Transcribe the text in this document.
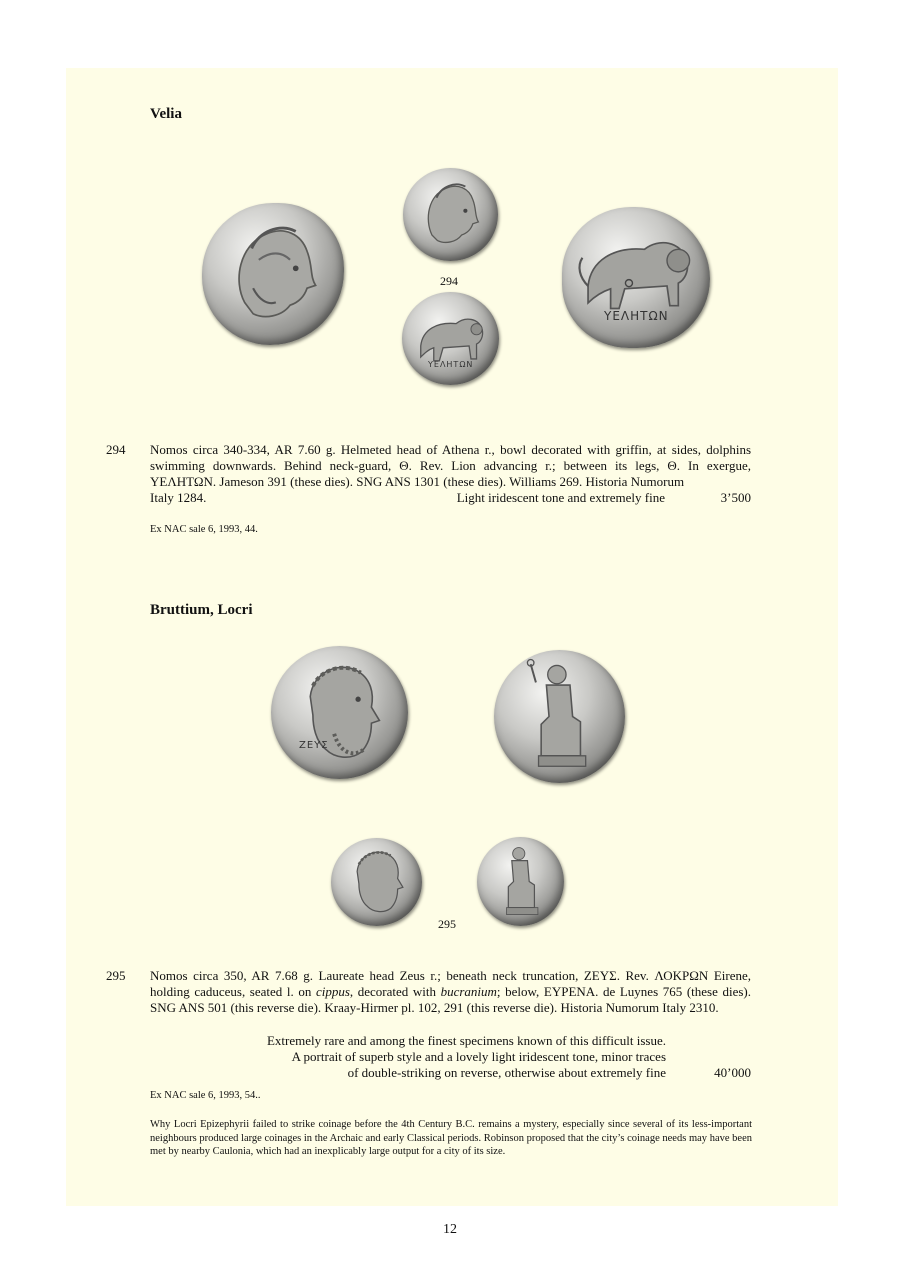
Velia
294
ΥΕΛΗΤΩΝ
ΥΕΛΗΤΩΝ
294 Nomos circa 340-334, AR 7.60 g. Helmeted head of Athena r., bowl decorated with griffin, at sides, dolphins swimming downwards. Behind neck-guard, Θ. Rev. Lion advancing r.; between its legs, Θ. In exergue, ΥΕΛΗΤΩΝ. Jameson 391 (these dies). SNG ANS 1301 (these dies). Williams 269. Historia Numorum
Italy 1284.	Light iridescent tone and extremely fine	3’500
Ex NAC sale 6, 1993, 44.
Bruttium, Locri
ΖΕΥΣ
295
295 Nomos circa 350, AR 7.68 g. Laureate head Zeus r.; beneath neck truncation, ΖΕΥΣ. Rev. ΛΟΚΡΩΝ Eirene, holding caduceus, seated l. on cippus, decorated with bucranium; below, ΕΥΡΕΝΑ. de Luynes 765 (these dies). SNG ANS 501 (this reverse die). Kraay-Hirmer pl. 102, 291 (this reverse die). Historia Numorum Italy 2310.
Extremely rare and among the finest specimens known of this difficult issue.
A portrait of superb style and a lovely light iridescent tone, minor traces
of double-striking on reverse, otherwise about extremely fine	40’000
Ex NAC sale 6, 1993, 54..
Why Locri Epizephyrii failed to strike coinage before the 4th Century B.C. remains a mystery, especially since several of its less-important neighbours produced large coinages in the Archaic and early Classical periods. Robinson proposed that the city’s coinage needs may have been met by nearby Caulonia, which had an inexplicably large output for a city of its size.
12
